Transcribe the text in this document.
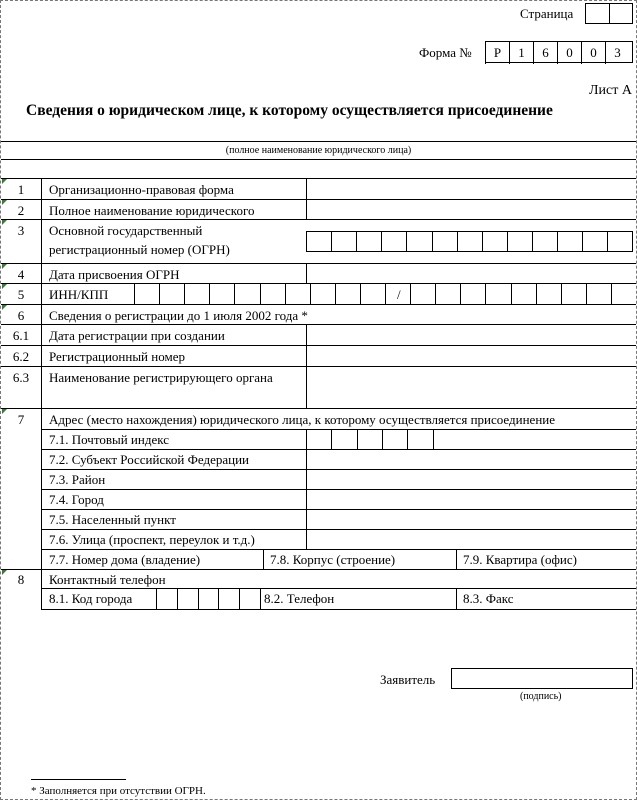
Страница
Форма №	Р	1	6	0	0	3
Лист А
Сведения о юридическом лице, к которому осуществляется присоединение
(полное наименование юридического лица)
1	Организационно-правовая форма
2	Полное наименование юридического
3	Основной государственный
регистрационный номер (ОГРН)
4	Дата присвоения ОГРН
5	ИНН/КПП	/
6	Сведения о регистрации до 1 июля 2002 года *
6.1	Дата регистрации при создании
6.2	Регистрационный номер
6.3	Наименование регистрирующего органа
7	Адрес (место нахождения) юридического лица, к которому осуществляется присоединение
7.1. Почтовый индекс
7.2. Субъект Российской Федерации
7.3. Район
7.4. Город
7.5. Населенный пункт
7.6. Улица (проспект, переулок и т.д.)
7.7. Номер дома (владение)	7.8. Корпус (строение)	7.9. Квартира (офис)
8	Контактный телефон
8.1. Код города	8.2. Телефон	8.3. Факс
Заявитель
(подпись)
* Заполняется при отсутствии ОГРН.
